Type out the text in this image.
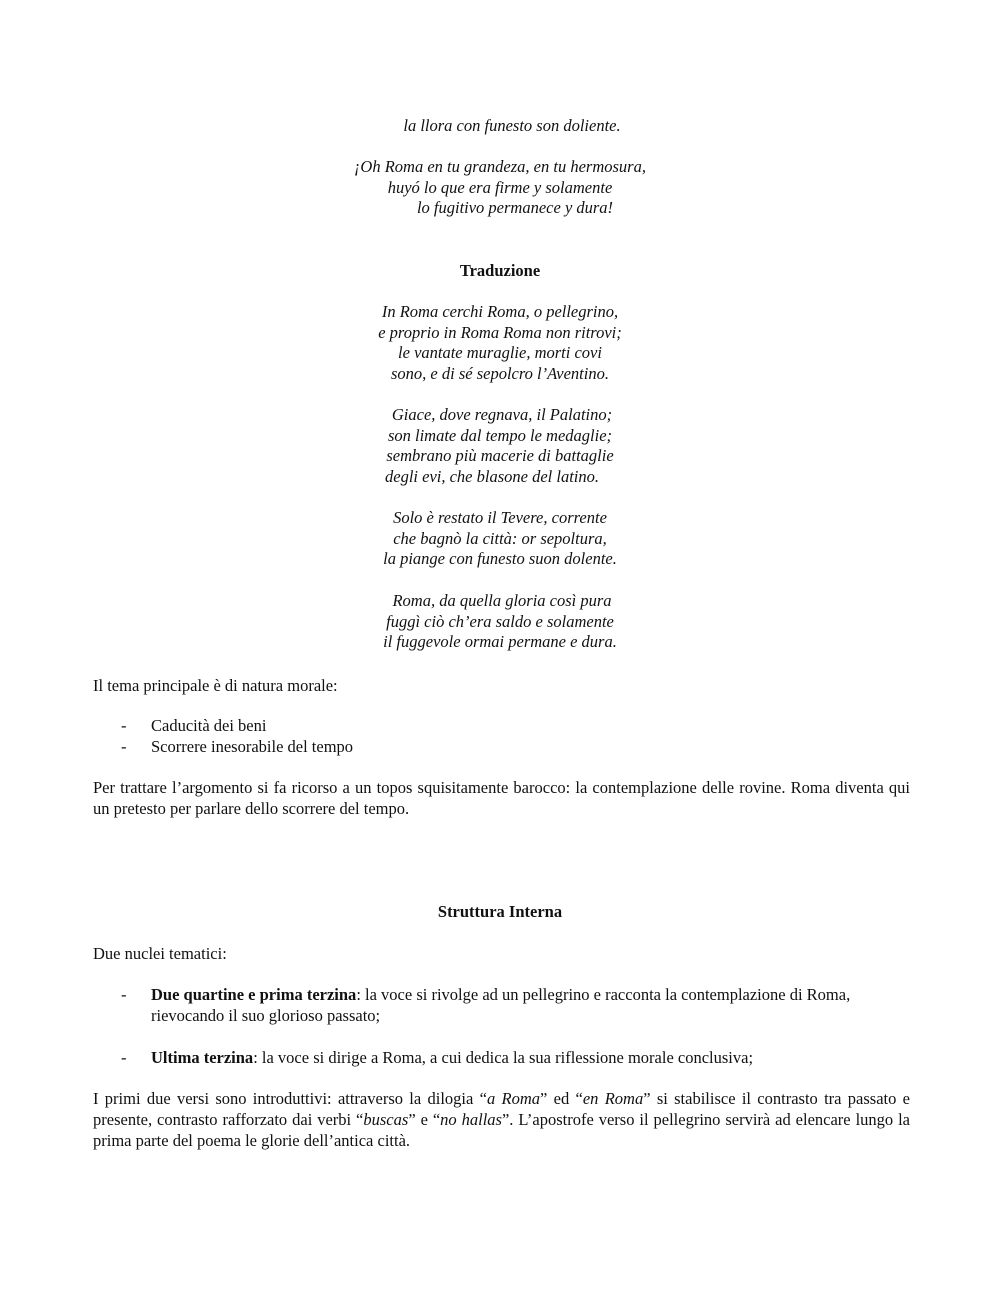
la llora con funesto son doliente.
¡Oh Roma en tu grandeza, en tu hermosura,
huyó lo que era firme y solamente
lo fugitivo permanece y dura!
Traduzione
In Roma cerchi Roma, o pellegrino,
e proprio in Roma Roma non ritrovi;
le vantate muraglie, morti covi
sono, e di sé sepolcro l’Aventino.
Giace, dove regnava, il Palatino;
son limate dal tempo le medaglie;
sembrano più macerie di battaglie
degli evi, che blasone del latino.
Solo è restato il Tevere, corrente
che bagnò la città: or sepoltura,
la piange con funesto suon dolente.
Roma, da quella gloria così pura
fuggì ciò ch’era saldo e solamente
il fuggevole ormai permane e dura.
Il tema principale è di natura morale:
- Caducità dei beni
- Scorrere inesorabile del tempo
Per trattare l’argomento si fa ricorso a un topos squisitamente barocco: la contemplazione delle rovine. Roma diventa qui un pretesto per parlare dello scorrere del tempo.
Struttura Interna
Due nuclei tematici:
- Due quartine e prima terzina: la voce si rivolge ad un pellegrino e racconta la contemplazione di Roma, rievocando il suo glorioso passato;
- Ultima terzina: la voce si dirige a Roma, a cui dedica la sua riflessione morale conclusiva;
I primi due versi sono introduttivi: attraverso la dilogia “a Roma” ed “en Roma” si stabilisce il contrasto tra passato e presente, contrasto rafforzato dai verbi “buscas” e “no hallas”. L’apostrofe verso il pellegrino servirà ad elencare lungo la prima parte del poema le glorie dell’antica città.
